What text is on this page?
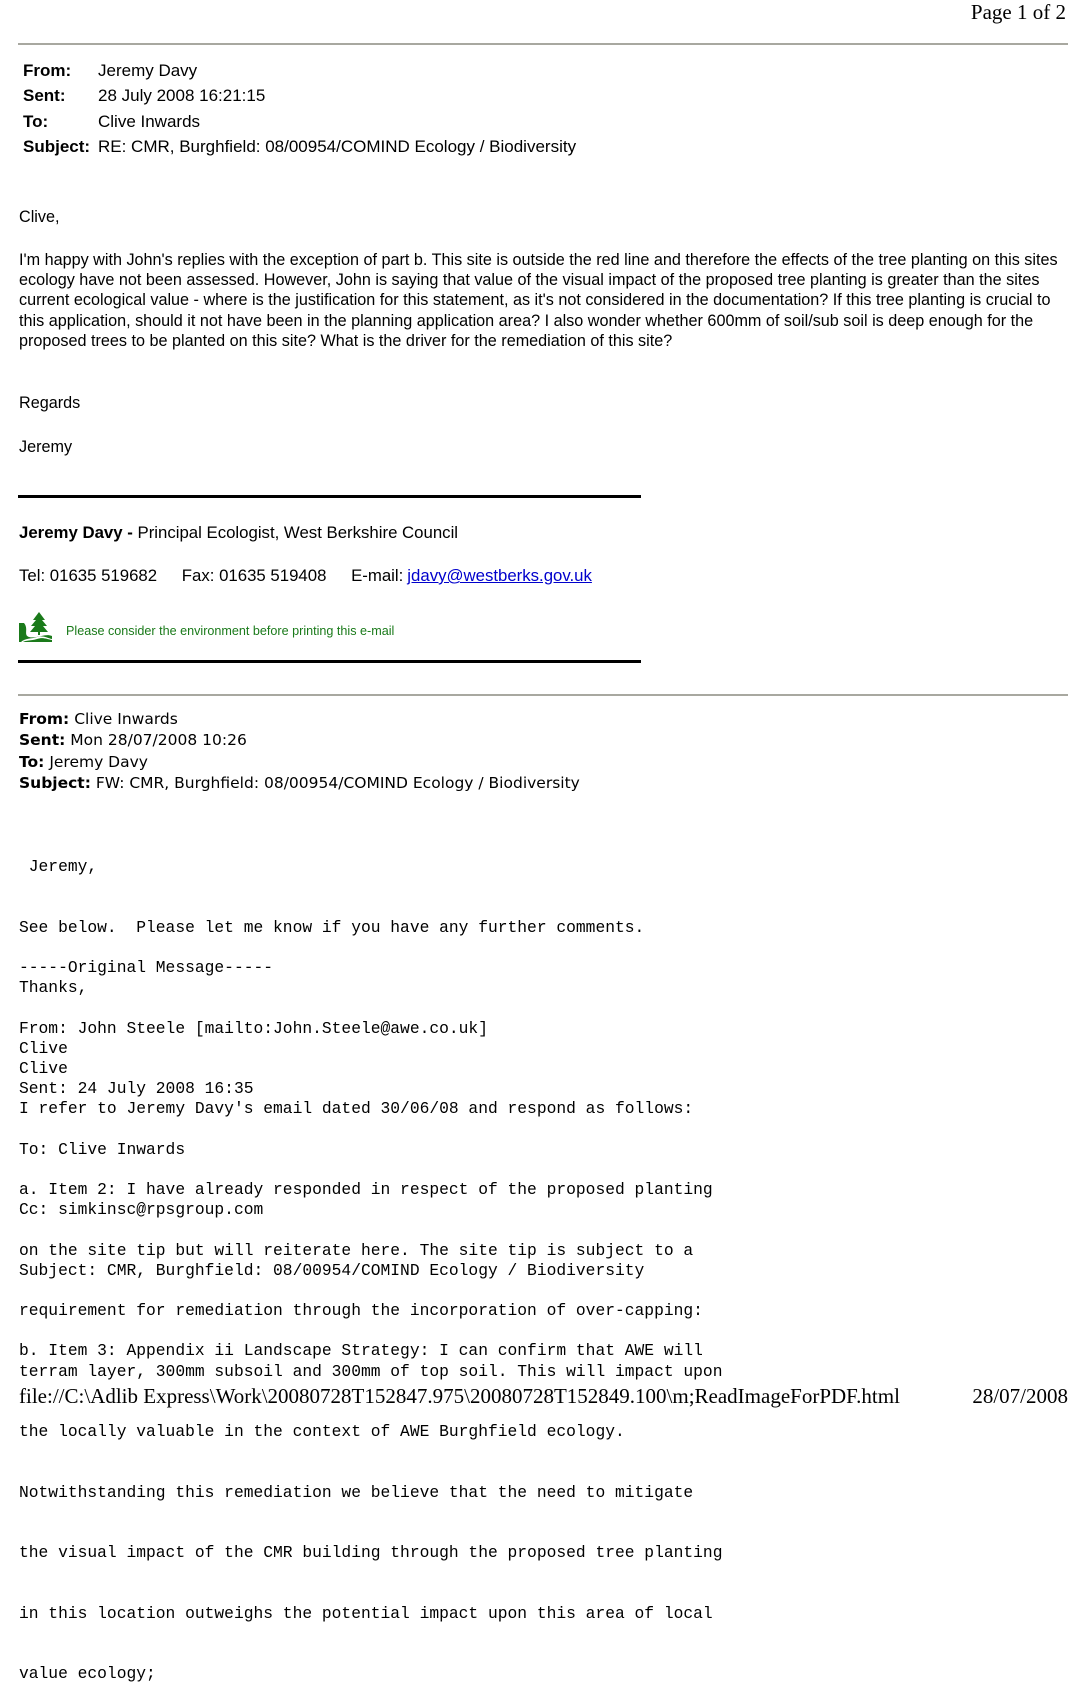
Page 1 of 2
From:	Jeremy Davy
Sent:	28 July 2008 16:21:15
To:	Clive Inwards
Subject: RE: CMR, Burghfield: 08/00954/COMIND Ecology / Biodiversity
Clive,
I'm happy with John's replies with the exception of part b. This site is outside the red line and therefore the effects of the tree planting on this sites ecology have not been assessed. However, John is saying that value of the visual impact of the proposed tree planting is greater than the sites current ecological value - where is the justification for this statement, as it's not considered in the documentation? If this tree planting is crucial to this application, should it not have been in the planning application area? I also wonder whether 600mm of soil/sub soil is deep enough for the proposed trees to be planted on this site? What is the driver for the remediation of this site?
Regards
Jeremy
Jeremy Davy - Principal Ecologist, West Berkshire Council
Tel: 01635 519682 Fax: 01635 519408 E-mail: jdavy@westberks.gov.uk
Please consider the environment before printing this e-mail
From: Clive Inwards
Sent: Mon 28/07/2008 10:26
To: Jeremy Davy
Subject: FW: CMR, Burghfield: 08/00954/COMIND Ecology / Biodiversity

Jeremy,

See below.  Please let me know if you have any further comments.

Thanks,

Clive

-----Original Message-----

From: John Steele [mailto:John.Steele@awe.co.uk]

Sent: 24 July 2008 16:35

To: Clive Inwards

Cc: simkinsc@rpsgroup.com

Subject: CMR, Burghfield: 08/00954/COMIND Ecology / Biodiversity

Clive
I refer to Jeremy Davy's email dated 30/06/08 and respond as follows:

a. Item 2: I have already responded in respect of the proposed planting

on the site tip but will reiterate here. The site tip is subject to a

requirement for remediation through the incorporation of over-capping:

terram layer, 300mm subsoil and 300mm of top soil. This will impact upon

the locally valuable in the context of AWE Burghfield ecology.

Notwithstanding this remediation we believe that the need to mitigate

the visual impact of the CMR building through the proposed tree planting

in this location outweighs the potential impact upon this area of local

value ecology;

b. Item 3: Appendix ii Landscape Strategy: I can confirm that AWE will
file://C:\Adlib Express\Work\20080728T152847.975\20080728T152849.100\m;ReadImageForPDF.html	28/07/2008
